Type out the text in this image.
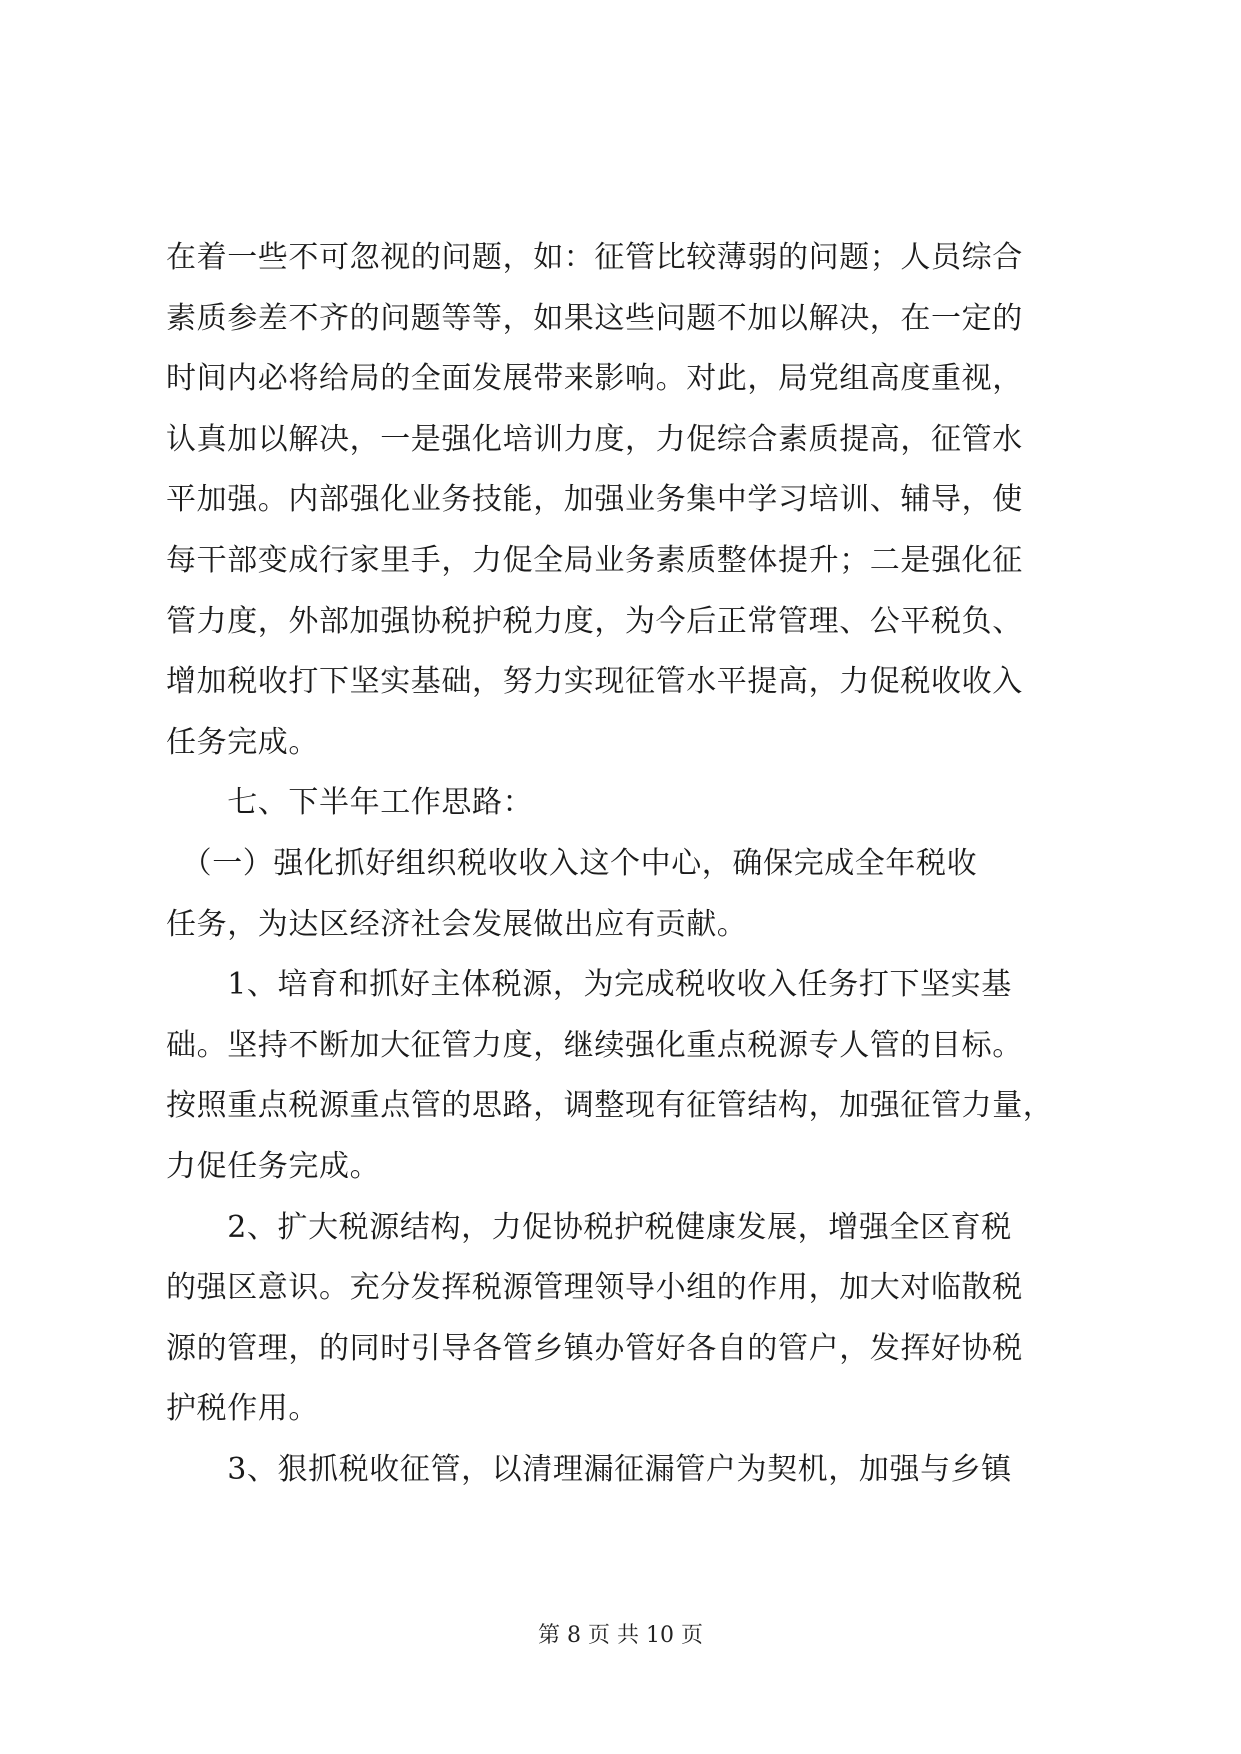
在着一些不可忽视的问题，如：征管比较薄弱的问题；人员综合
素质参差不齐的问题等等，如果这些问题不加以解决，在一定的
时间内必将给局的全面发展带来影响。对此，局党组高度重视，
认真加以解决，一是强化培训力度，力促综合素质提高，征管水
平加强。内部强化业务技能，加强业务集中学习培训、辅导，使
每干部变成行家里手，力促全局业务素质整体提升；二是强化征
管力度，外部加强协税护税力度，为今后正常管理、公平税负、
增加税收打下坚实基础，努力实现征管水平提高，力促税收收入
任务完成。
　　七、下半年工作思路：
　（一）强化抓好组织税收收入这个中心，确保完成全年税收
任务，为达区经济社会发展做出应有贡献。
　　1、培育和抓好主体税源，为完成税收收入任务打下坚实基
础。坚持不断加大征管力度，继续强化重点税源专人管的目标。
按照重点税源重点管的思路，调整现有征管结构，加强征管力量，
力促任务完成。
　　2、扩大税源结构，力促协税护税健康发展，增强全区育税
的强区意识。充分发挥税源管理领导小组的作用，加大对临散税
源的管理，的同时引导各管乡镇办管好各自的管户，发挥好协税
护税作用。
　　3、狠抓税收征管，以清理漏征漏管户为契机，加强与乡镇
第 8 页 共 10 页
